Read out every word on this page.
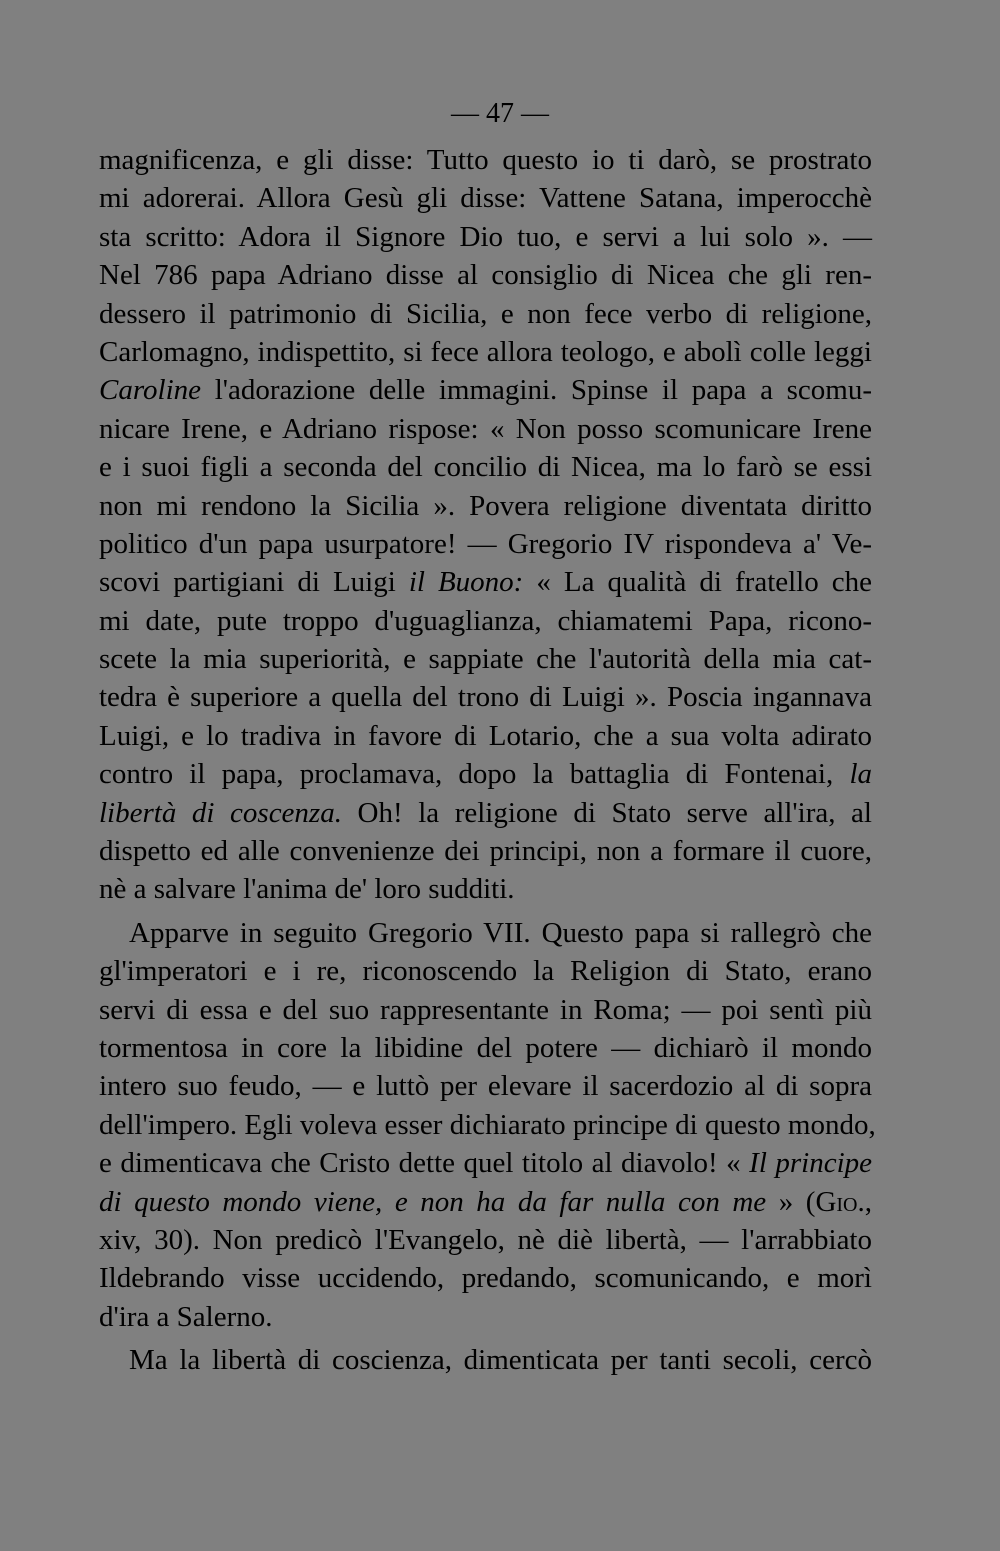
— 47 —
magnificenza, e gli disse: Tutto questo io ti darò, se prostrato
mi adorerai. Allora Gesù gli disse: Vattene Satana, imperocchè
sta scritto: Adora il Signore Dio tuo, e servi a lui solo ». —
Nel 786 papa Adriano disse al consiglio di Nicea che gli ren-
dessero il patrimonio di Sicilia, e non fece verbo di religione,
Carlomagno, indispettito, si fece allora teologo, e abolì colle leggi
Caroline l'adorazione delle immagini. Spinse il papa a scomu-
nicare Irene, e Adriano rispose: « Non posso scomunicare Irene
e i suoi figli a seconda del concilio di Nicea, ma lo farò se essi
non mi rendono la Sicilia ». Povera religione diventata diritto
politico d'un papa usurpatore! — Gregorio IV rispondeva a' Ve-
scovi partigiani di Luigi il Buono: « La qualità di fratello che
mi date, pute troppo d'uguaglianza, chiamatemi Papa, ricono-
scete la mia superiorità, e sappiate che l'autorità della mia cat-
tedra è superiore a quella del trono di Luigi ». Poscia ingannava
Luigi, e lo tradiva in favore di Lotario, che a sua volta adirato
contro il papa, proclamava, dopo la battaglia di Fontenai, la
libertà di coscenza. Oh! la religione di Stato serve all'ira, al
dispetto ed alle convenienze dei principi, non a formare il cuore,
nè a salvare l'anima de' loro sudditi.
Apparve in seguito Gregorio VII. Questo papa si rallegrò che
gl'imperatori e i re, riconoscendo la Religion di Stato, erano
servi di essa e del suo rappresentante in Roma; — poi sentì più
tormentosa in core la libidine del potere — dichiarò il mondo
intero suo feudo, — e luttò per elevare il sacerdozio al di sopra
dell'impero. Egli voleva esser dichiarato principe di questo mondo,
e dimenticava che Cristo dette quel titolo al diavolo! « Il principe
di questo mondo viene, e non ha da far nulla con me » (Gio.,
xiv, 30). Non predicò l'Evangelo, nè diè libertà, — l'arrabbiato
Ildebrando visse uccidendo, predando, scomunicando, e morì
d'ira a Salerno.
Ma la libertà di coscienza, dimenticata per tanti secoli, cercò
